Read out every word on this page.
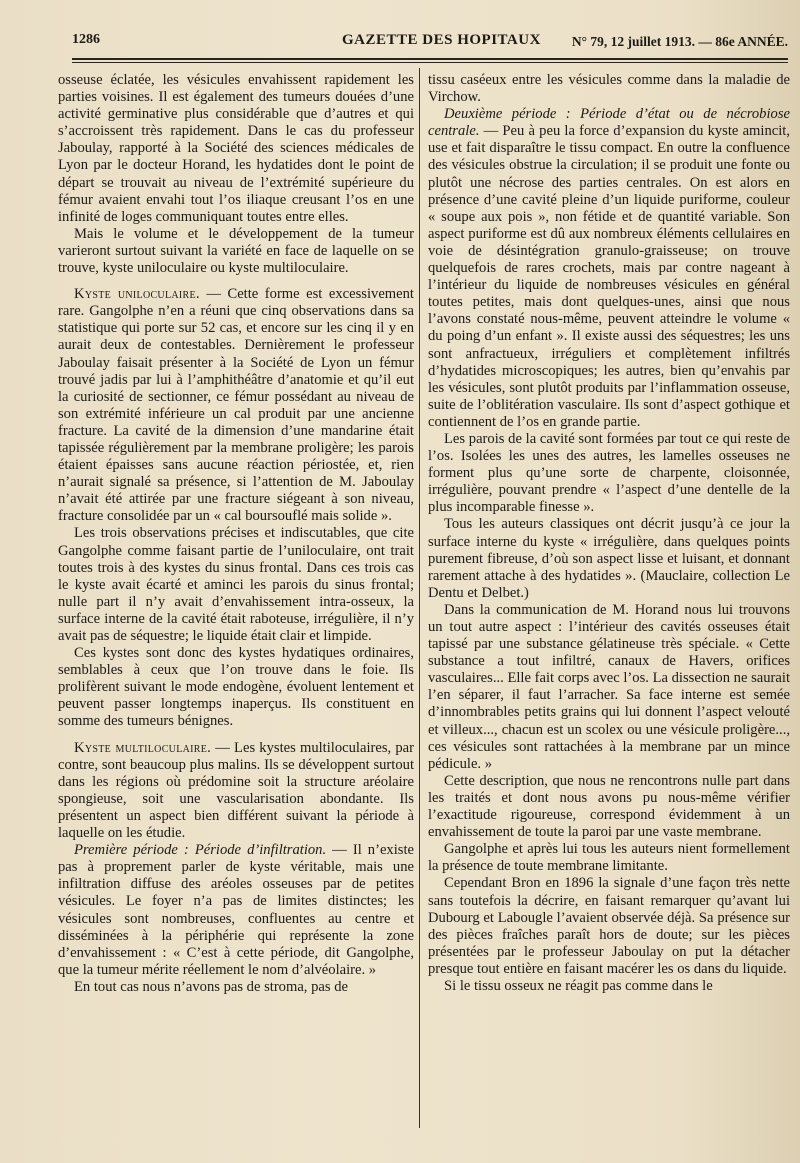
1286	GAZETTE DES HOPITAUX N° 79, 12 juillet 1913. — 86e ANNÉE.

osseuse éclatée, les vésicules envahissent rapidement les parties voisines. Il est également des tumeurs douées d’une activité germinative plus considérable que d’autres et qui s’accroissent très rapidement. Dans le cas du professeur Jaboulay, rapporté à la Société des sciences médicales de Lyon par le docteur Horand, les hydatides dont le point de départ se trouvait au niveau de l’extrémité supérieure du fémur avaient envahi tout l’os iliaque creusant l’os en une infinité de loges communiquant toutes entre elles.

Mais le volume et le développement de la tumeur varieront surtout suivant la variété en face de laquelle on se trouve, kyste uniloculaire ou kyste multiloculaire.

Kyste uniloculaire. — Cette forme est excessivement rare. Gangolphe n’en a réuni que cinq observations dans sa statistique qui porte sur 52 cas, et encore sur les cinq il y en aurait deux de contestables. Dernièrement le professeur Jaboulay faisait présenter à la Société de Lyon un fémur trouvé jadis par lui à l’amphithéâtre d’anatomie et qu’il eut la curiosité de sectionner, ce fémur possédant au niveau de son extrémité inférieure un cal produit par une ancienne fracture. La cavité de la dimension d’une mandarine était tapissée régulièrement par la membrane proligère; les parois étaient épaisses sans aucune réaction périostée, et, rien n’aurait signalé sa présence, si l’attention de M. Jaboulay n’avait été attirée par une fracture siégeant à son niveau, fracture consolidée par un « cal boursouflé mais solide ».

Les trois observations précises et indiscutables, que cite Gangolphe comme faisant partie de l’uniloculaire, ont trait toutes trois à des kystes du sinus frontal. Dans ces trois cas le kyste avait écarté et aminci les parois du sinus frontal; nulle part il n’y avait d’envahissement intra-osseux, la surface interne de la cavité était raboteuse, irrégulière, il n’y avait pas de séquestre; le liquide était clair et limpide.

Ces kystes sont donc des kystes hydatiques ordinaires, semblables à ceux que l’on trouve dans le foie. Ils prolifèrent suivant le mode endogène, évoluent lentement et peuvent passer longtemps inaperçus. Ils constituent en somme des tumeurs bénignes.

Kyste multiloculaire. — Les kystes multiloculaires, par contre, sont beaucoup plus malins. Ils se développent surtout dans les régions où prédomine soit la structure aréolaire spongieuse, soit une vascularisation abondante. Ils présentent un aspect bien différent suivant la période à laquelle on les étudie.

Première période : Période d’infiltration. — Il n’existe pas à proprement parler de kyste véritable, mais une infiltration diffuse des aréoles osseuses par de petites vésicules. Le foyer n’a pas de limites distinctes; les vésicules sont nombreuses, confluentes au centre et disséminées à la périphérie qui représente la zone d’envahissement : « C’est à cette période, dit Gangolphe, que la tumeur mérite réellement le nom d’alvéolaire. »

En tout cas nous n’avons pas de stroma, pas de

tissu caséeux entre les vésicules comme dans la maladie de Virchow.

Deuxième période : Période d’état ou de nécrobiose centrale. — Peu à peu la force d’expansion du kyste amincit, use et fait disparaître le tissu compact. En outre la confluence des vésicules obstrue la circulation; il se produit une fonte ou plutôt une nécrose des parties centrales. On est alors en présence d’une cavité pleine d’un liquide puriforme, couleur « soupe aux pois », non fétide et de quantité variable. Son aspect puriforme est dû aux nombreux éléments cellulaires en voie de désintégration granulo-graisseuse; on trouve quelquefois de rares crochets, mais par contre nageant à l’intérieur du liquide de nombreuses vésicules en général toutes petites, mais dont quelques-unes, ainsi que nous l’avons constaté nous-même, peuvent atteindre le volume « du poing d’un enfant ». Il existe aussi des séquestres; les uns sont anfractueux, irréguliers et complètement infiltrés d’hydatides microscopiques; les autres, bien qu’envahis par les vésicules, sont plutôt produits par l’inflammation osseuse, suite de l’oblitération vasculaire. Ils sont d’aspect gothique et contiennent de l’os en grande partie.

Les parois de la cavité sont formées par tout ce qui reste de l’os. Isolées les unes des autres, les lamelles osseuses ne forment plus qu’une sorte de charpente, cloisonnée, irrégulière, pouvant prendre « l’aspect d’une dentelle de la plus incomparable finesse ».

Tous les auteurs classiques ont décrit jusqu’à ce jour la surface interne du kyste « irrégulière, dans quelques points purement fibreuse, d’où son aspect lisse et luisant, et donnant rarement attache à des hydatides ». (Mauclaire, collection Le Dentu et Delbet.)

Dans la communication de M. Horand nous lui trouvons un tout autre aspect : l’intérieur des cavités osseuses était tapissé par une substance gélatineuse très spéciale. « Cette substance a tout infiltré, canaux de Havers, orifices vasculaires... Elle fait corps avec l’os. La dissection ne saurait l’en séparer, il faut l’arracher. Sa face interne est semée d’innombrables petits grains qui lui donnent l’aspect velouté et villeux..., chacun est un scolex ou une vésicule proligère..., ces vésicules sont rattachées à la membrane par un mince pédicule. »

Cette description, que nous ne rencontrons nulle part dans les traités et dont nous avons pu nous-même vérifier l’exactitude rigoureuse, correspond évidemment à un envahissement de toute la paroi par une vaste membrane.

Gangolphe et après lui tous les auteurs nient formellement la présence de toute membrane limitante.

Cependant Bron en 1896 la signale d’une façon très nette sans toutefois la décrire, en faisant remarquer qu’avant lui Dubourg et Labougle l’avaient observée déjà. Sa présence sur des pièces fraîches paraît hors de doute; sur les pièces présentées par le professeur Jaboulay on put la détacher presque tout entière en faisant macérer les os dans du liquide.

Si le tissu osseux ne réagit pas comme dans le
